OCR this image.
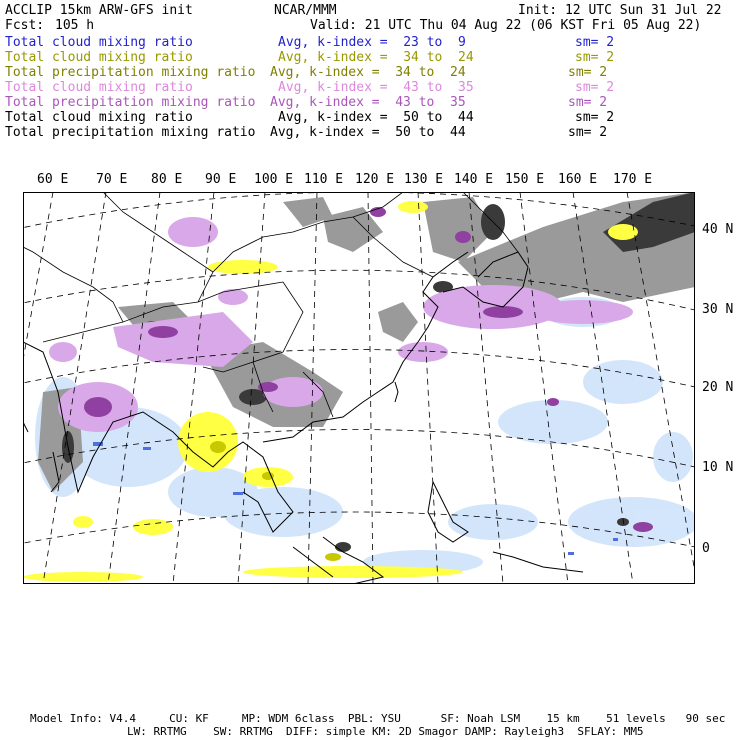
ACCLIP 15km ARW-GFS init	NCAR/MMM	Init: 12 UTC Sun 31 Jul 22
Fcst: 105 h	Valid: 21 UTC Thu 04 Aug 22 (06 KST Fri 05 Aug 22)
Total cloud mixing ratio	Avg, k-index =  23 to  9	sm= 2
Total cloud mixing ratio	Avg, k-index =  34 to  24	sm= 2
Total precipitation mixing ratio Avg, k-index =  34 to  24	sm= 2
Total cloud mixing ratio	Avg, k-index =  43 to  35	sm= 2
Total precipitation mixing ratio Avg, k-index =  43 to  35	sm= 2
Total cloud mixing ratio	Avg, k-index =  50 to  44	sm= 2
Total precipitation mixing ratio Avg, k-index =  50 to  44	sm= 2
60 E 70 E 80 E 90 E 100 E 110 E 120 E 130 E 140 E 150 E 160 E 170 E
40 N
30 N
20 N
10 N
0
Model Info: V4.4     CU: KF     MP: WDM 6class  PBL: YSU      SF: Noah LSM    15 km    51 levels   90 sec
LW: RRTMG    SW: RRTMG  DIFF: simple KM: 2D Smagor DAMP: Rayleigh3  SFLAY: MM5
